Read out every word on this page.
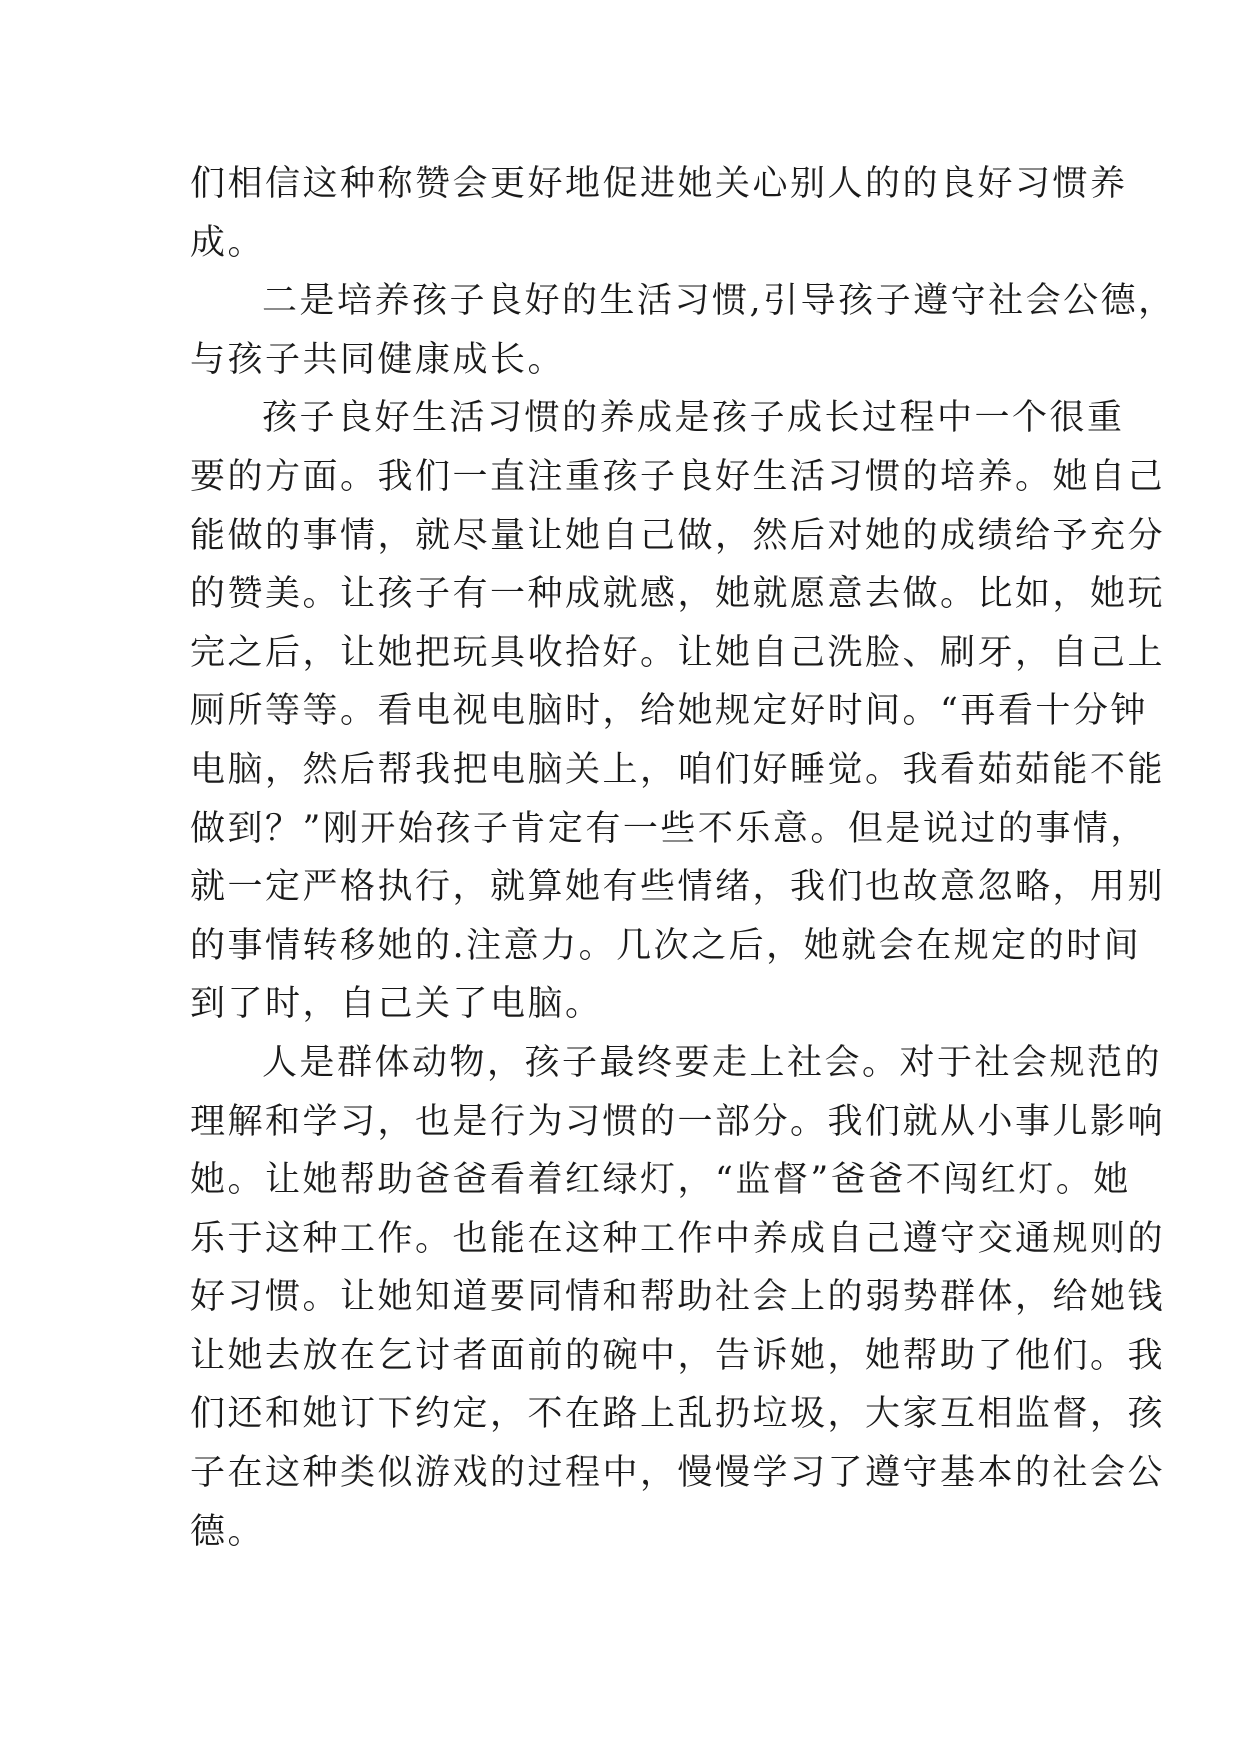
们相信这种称赞会更好地促进她关心别人的的良好习惯养
成。
二是培养孩子良好的生活习惯,引导孩子遵守社会公德，
与孩子共同健康成长。
孩子良好生活习惯的养成是孩子成长过程中一个很重
要的方面。我们一直注重孩子良好生活习惯的培养。她自己
能做的事情，就尽量让她自己做，然后对她的成绩给予充分
的赞美。让孩子有一种成就感，她就愿意去做。比如，她玩
完之后，让她把玩具收拾好。让她自己洗脸、刷牙，自己上
厕所等等。看电视电脑时，给她规定好时间。“再看十分钟
电脑，然后帮我把电脑关上，咱们好睡觉。我看茹茹能不能
做到？”刚开始孩子肯定有一些不乐意。但是说过的事情，
就一定严格执行，就算她有些情绪，我们也故意忽略，用别
的事情转移她的.注意力。几次之后，她就会在规定的时间
到了时，自己关了电脑。
人是群体动物，孩子最终要走上社会。对于社会规范的
理解和学习，也是行为习惯的一部分。我们就从小事儿影响
她。让她帮助爸爸看着红绿灯，“监督”爸爸不闯红灯。她
乐于这种工作。也能在这种工作中养成自己遵守交通规则的
好习惯。让她知道要同情和帮助社会上的弱势群体，给她钱
让她去放在乞讨者面前的碗中，告诉她，她帮助了他们。我
们还和她订下约定，不在路上乱扔垃圾，大家互相监督，孩
子在这种类似游戏的过程中，慢慢学习了遵守基本的社会公
德。
